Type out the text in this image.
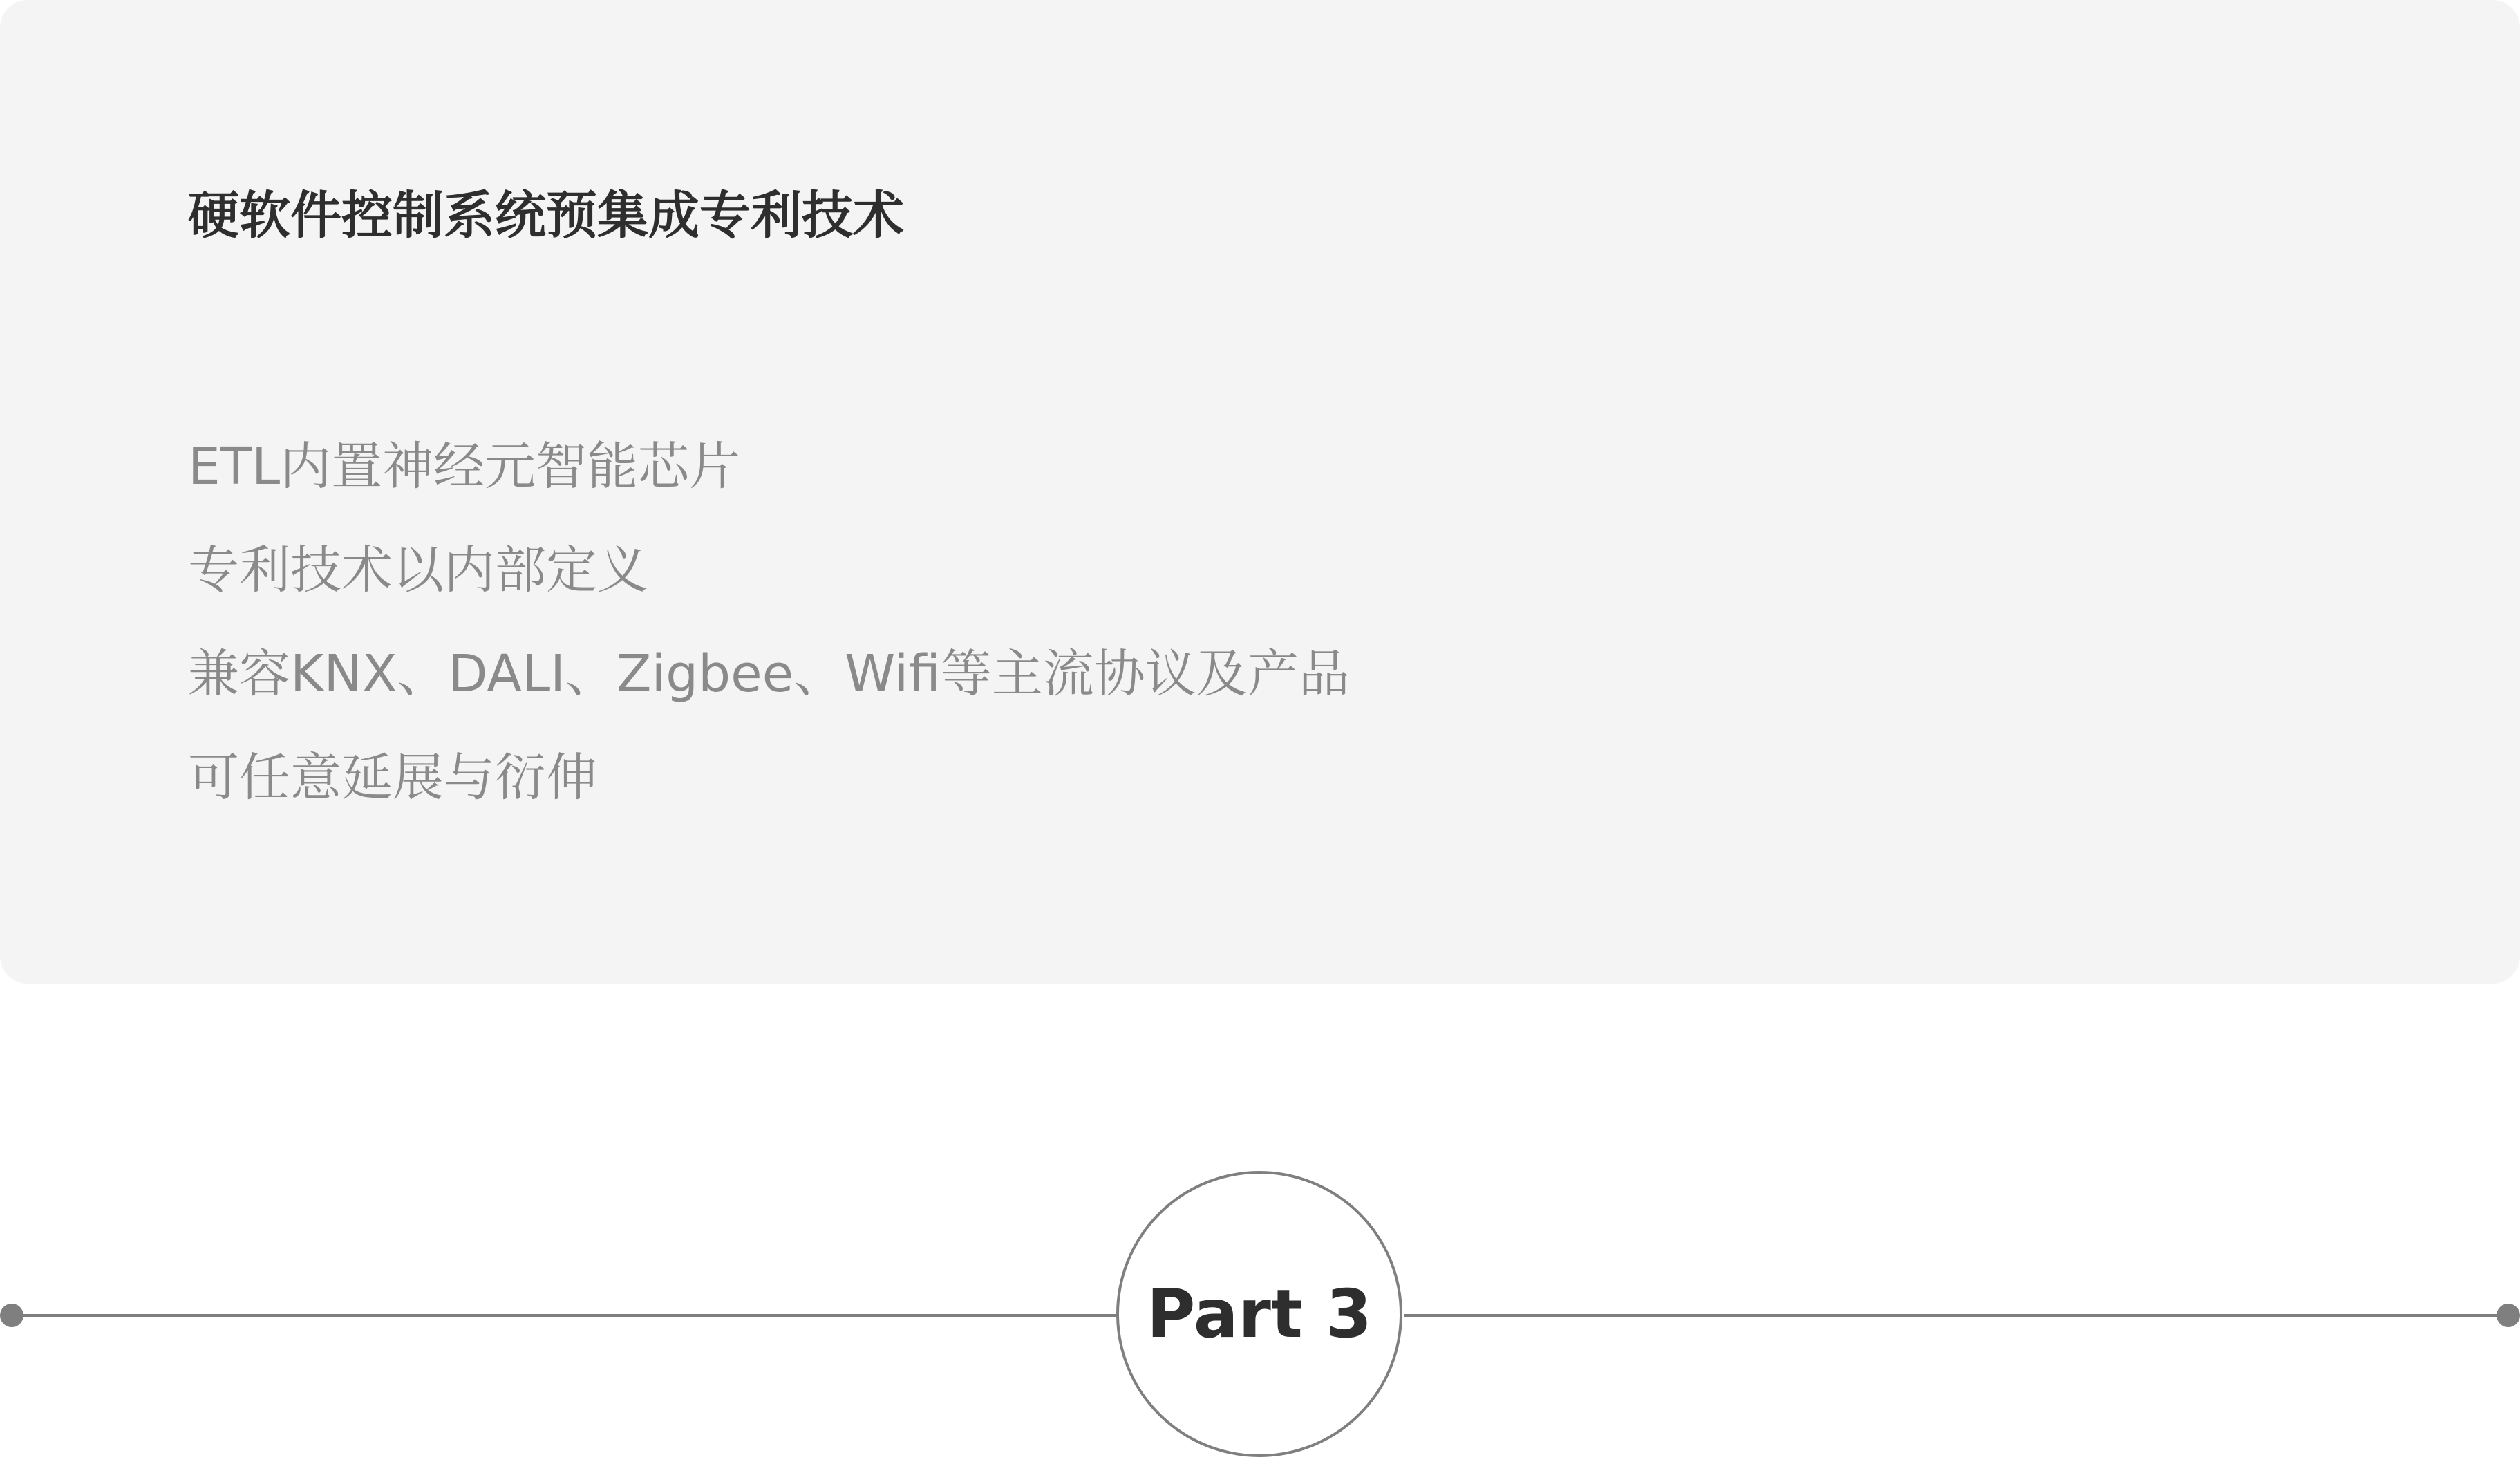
硬软件控制系统预集成专利技术
ETL内置神经元智能芯片
专利技术以内部定义
兼容KNX、DALI、Zigbee、Wifi等主流协议及产品
可任意延展与衍伸
Part 3
